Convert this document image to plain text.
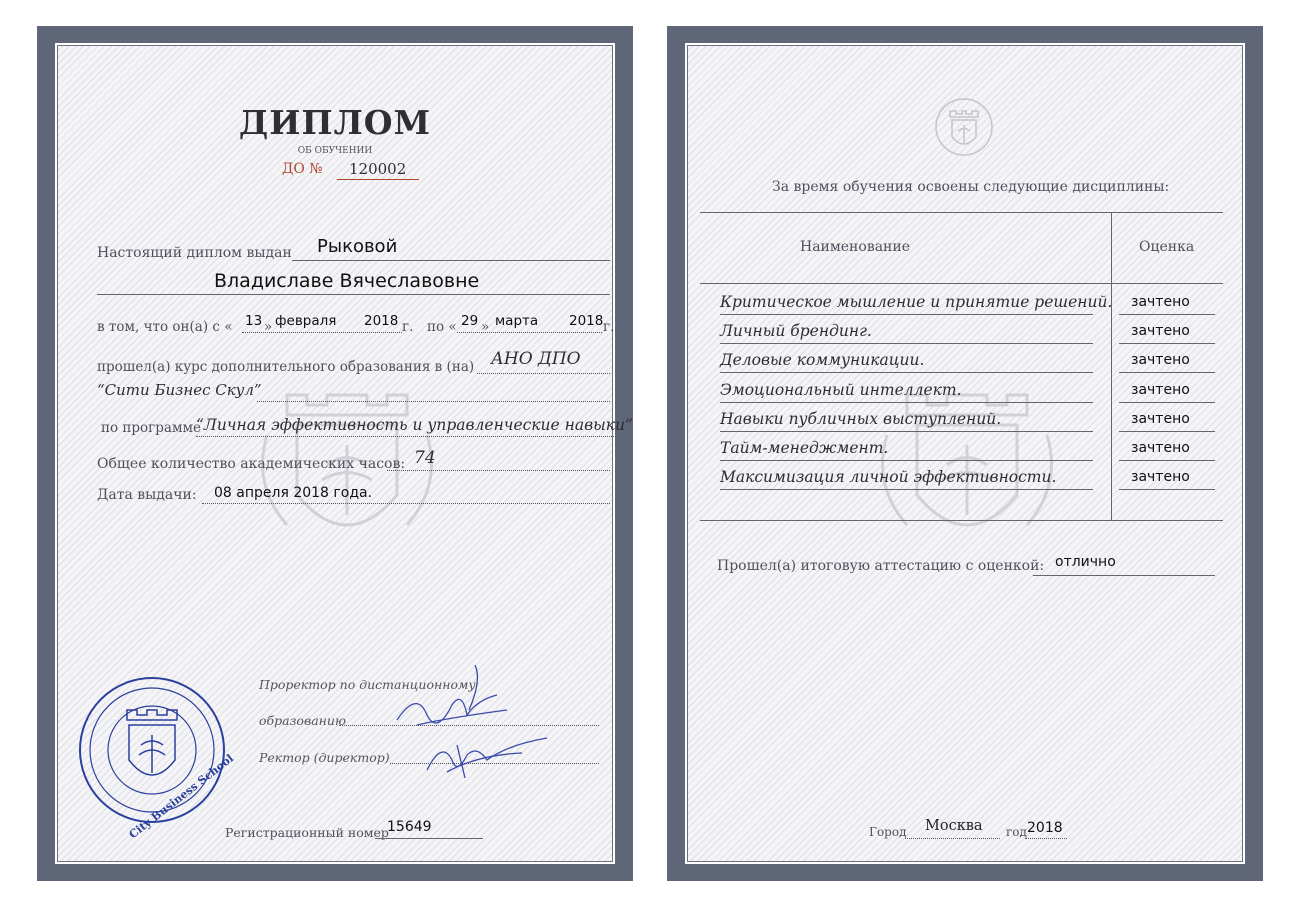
ДИПЛОМ
ОБ ОБУЧЕНИИ
ДО № 120002
Настоящий диплом выдан Рыковой
Владиславе Вячеславовне
в том, что он(а) с « 13 » февраля 2018 г. по « 29 » марта 2018 г.
прошел(а) курс дополнительного образования в (на) АНО ДПО
“Сити Бизнес Скул”
по программе
“Личная эффективность и управленческие навыки”
Общее количество академических часов: 74
Дата выдачи: 08 апреля 2018 года.
Проректор по дистанционному
образованию
Ректор (директор)
City Business School
Регистрационный номер
15649
За время обучения освоены следующие дисциплины:
Наименование	Оценка
Критическое мышление и принятие решений. зачтено
Личный брендинг.	зачтено
Деловые коммуникации.	зачтено
Эмоциональный интеллект.	зачтено
Навыки публичных выступлений.	зачтено
Тайм-менеджмент.	зачтено
Максимизация личной эффективности.	зачтено
Прошел(а) итоговую аттестацию с оценкой: отлично
Город Москва год 2018
